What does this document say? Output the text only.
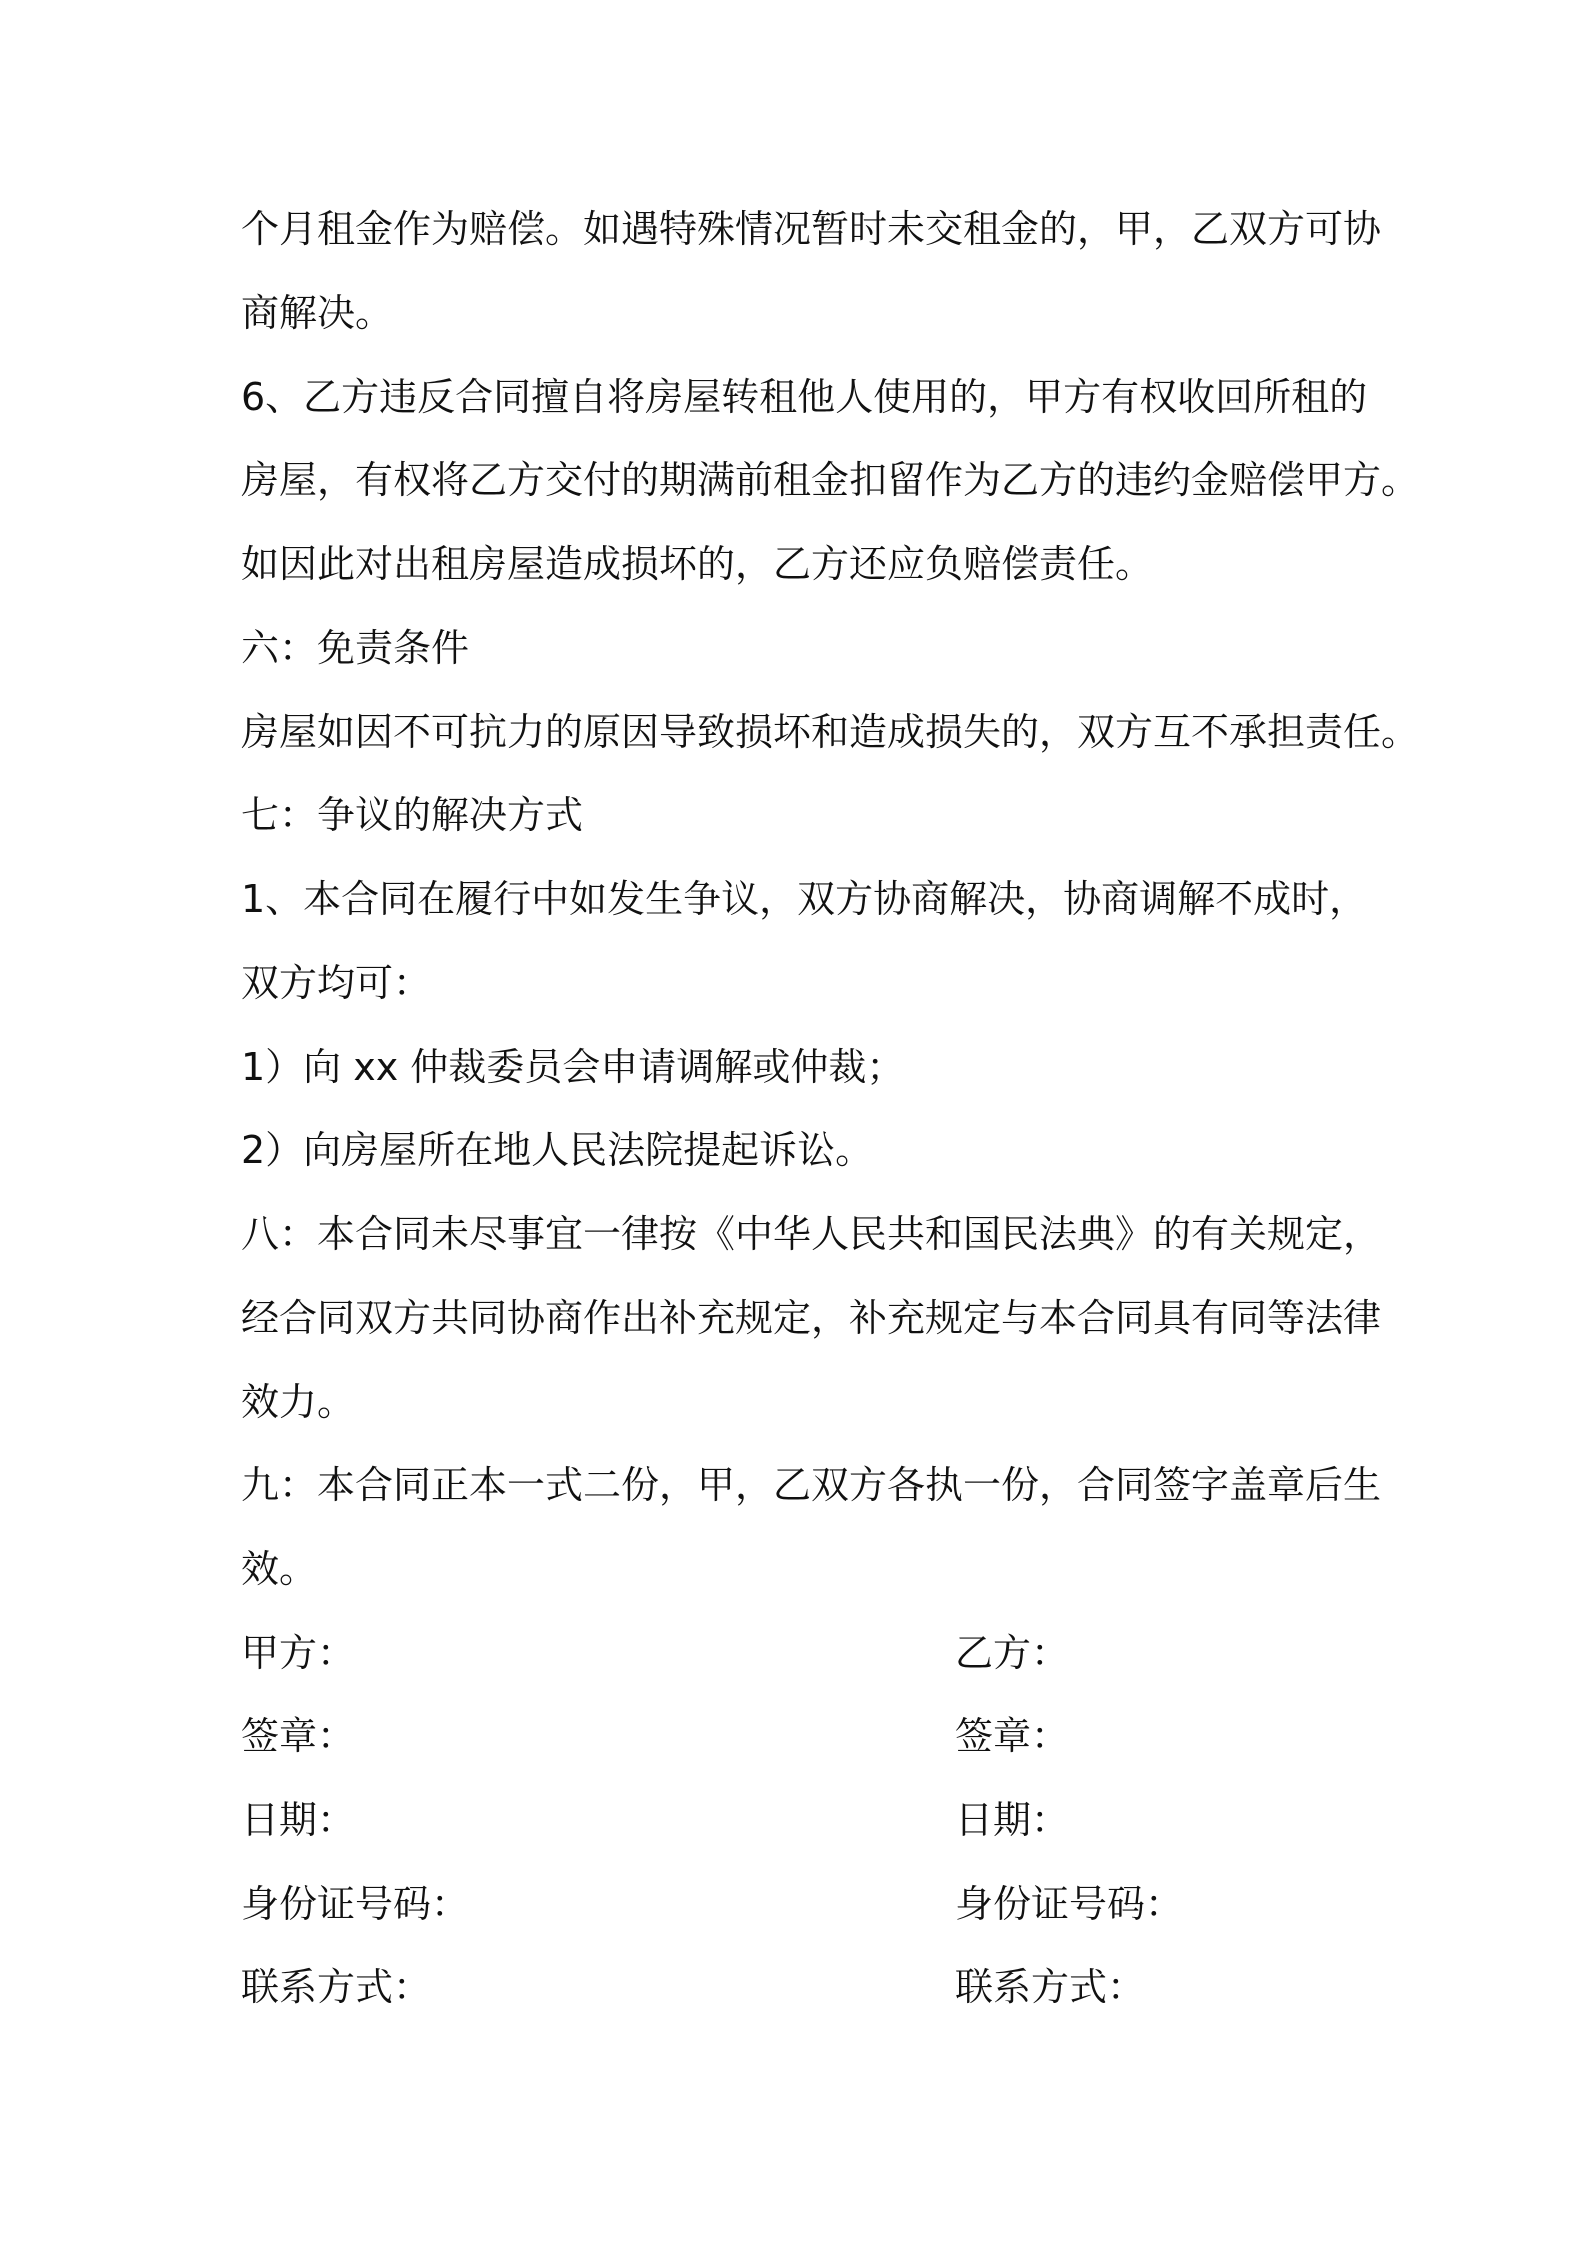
个月租金作为赔偿。如遇特殊情况暂时未交租金的，甲，乙双方可协
商解决。
6、乙方违反合同擅自将房屋转租他人使用的，甲方有权收回所租的
房屋，有权将乙方交付的期满前租金扣留作为乙方的违约金赔偿甲方。
如因此对出租房屋造成损坏的，乙方还应负赔偿责任。
六：免责条件
房屋如因不可抗力的原因导致损坏和造成损失的，双方互不承担责任。
七：争议的解决方式
1、本合同在履行中如发生争议，双方协商解决，协商调解不成时，
双方均可：
1）向 xx 仲裁委员会申请调解或仲裁；
2）向房屋所在地人民法院提起诉讼。
八：本合同未尽事宜一律按《中华人民共和国民法典》的有关规定，
经合同双方共同协商作出补充规定，补充规定与本合同具有同等法律
效力。
九：本合同正本一式二份，甲，乙双方各执一份，合同签字盖章后生
效。
甲方：	乙方：
签章：	签章：
日期：	日期：
身份证号码：	身份证号码：
联系方式：	联系方式：
